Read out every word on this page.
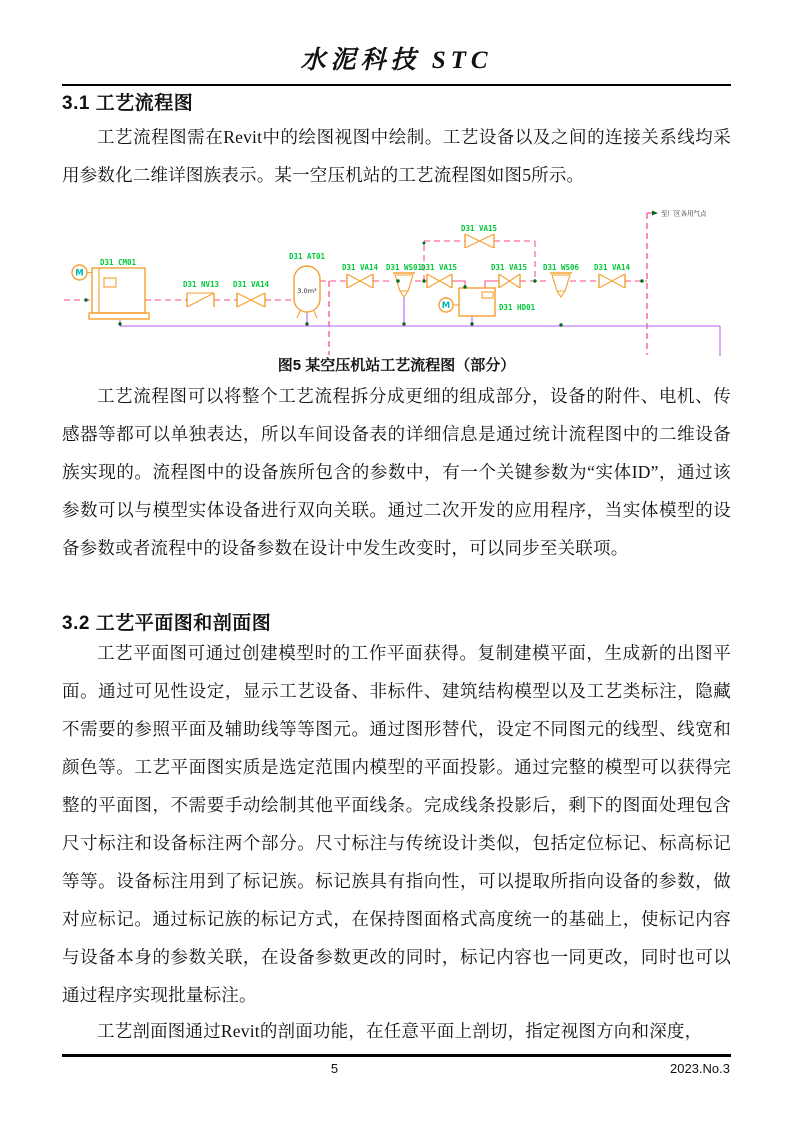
水泥科技 STC
3.1 工艺流程图
工艺流程图需在Revit中的绘图视图中绘制。工艺设备以及之间的连接关系线均采用参数化二维详图族表示。某一空压机站的工艺流程图如图5所示。
M
D31 CM01
D31 NV13 D31 VA14
3.0m³
D31 AT01
D31 VA14 D31 WS01
D31 VA15
D31 VA15
M	D31 HD01
D31 VA15 D31 WS06 D31 VA14
至厂区各用气点
图5 某空压机站工艺流程图（部分）
工艺流程图可以将整个工艺流程拆分成更细的组成部分，设备的附件、电机、传感器等都可以单独表达，所以车间设备表的详细信息是通过统计流程图中的二维设备族实现的。流程图中的设备族所包含的参数中，有一个关键参数为“实体ID”，通过该参数可以与模型实体设备进行双向关联。通过二次开发的应用程序，当实体模型的设备参数或者流程中的设备参数在设计中发生改变时，可以同步至关联项。
3.2 工艺平面图和剖面图
工艺平面图可通过创建模型时的工作平面获得。复制建模平面，生成新的出图平面。通过可见性设定，显示工艺设备、非标件、建筑结构模型以及工艺类标注，隐藏不需要的参照平面及辅助线等等图元。通过图形替代，设定不同图元的线型、线宽和颜色等。工艺平面图实质是选定范围内模型的平面投影。通过完整的模型可以获得完整的平面图，不需要手动绘制其他平面线条。完成线条投影后，剩下的图面处理包含尺寸标注和设备标注两个部分。尺寸标注与传统设计类似，包括定位标记、标高标记等等。设备标注用到了标记族。标记族具有指向性，可以提取所指向设备的参数，做对应标记。通过标记族的标记方式，在保持图面格式高度统一的基础上，使标记内容与设备本身的参数关联，在设备参数更改的同时，标记内容也一同更改，同时也可以通过程序实现批量标注。
工艺剖面图通过Revit的剖面功能，在任意平面上剖切，指定视图方向和深度，
5	2023.No.3
